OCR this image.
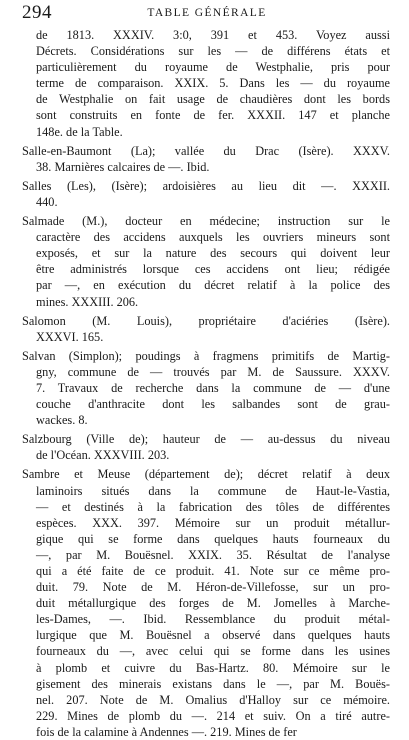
294	TABLE GÉNÉRALE
de 1813. XXXIV. 3:0, 391 et 453. Voyez aussi
Décrets. Considérations sur les — de différens états et
particulièrement du royaume de Westphalie, pris pour
terme de comparaison. XXIX. 5. Dans les — du royaume
de Westphalie on fait usage de chaudières dont les bords
sont construits en fonte de fer. XXXII. 147 et planche
148e. de la Table.
Salle-en-Baumont (La); vallée du Drac (Isère). XXXV.
38. Marnières calcaires de —. Ibid.
Salles (Les), (Isère); ardoisières au lieu dit —. XXXII.
440.
Salmade (M.), docteur en médecine; instruction sur le
caractère des accidens auxquels les ouvriers mineurs sont
exposés, et sur la nature des secours qui doivent leur
être administrés lorsque ces accidens ont lieu; rédigée
par —, en exécution du décret relatif à la police des
mines. XXXIII. 206.
Salomon (M. Louis), propriétaire d'aciéries (Isère).
XXXVI. 165.
Salvan (Simplon); poudings à fragmens primitifs de Martig-
gny, commune de — trouvés par M. de Saussure. XXXV.
7. Travaux de recherche dans la commune de — d'une
couche d'anthracite dont les salbandes sont de grau-
wackes. 8.
Salzbourg (Ville de); hauteur de — au-dessus du niveau
de l'Océan. XXXVIII. 203.
Sambre et Meuse (département de); décret relatif à deux
laminoirs situés dans la commune de Haut-le-Vastia,
— et destinés à la fabrication des tôles de différentes
espèces. XXX. 397. Mémoire sur un produit métallur-
gique qui se forme dans quelques hauts fourneaux du
—, par M. Bouësnel. XXIX. 35. Résultat de l'analyse
qui a été faite de ce produit. 41. Note sur ce même pro-
duit. 79. Note de M. Héron-de-Villefosse, sur un pro-
duit métallurgique des forges de M. Jomelles à Marche-
les-Dames, —. Ibid. Ressemblance du produit métal-
lurgique que M. Bouësnel a observé dans quelques hauts
fourneaux du —, avec celui qui se forme dans les usines
à plomb et cuivre du Bas-Hartz. 80. Mémoire sur le
gisement des minerais existans dans le —, par M. Bouës-
nel. 207. Note de M. Omalius d'Halloy sur ce mémoire.
229. Mines de plomb du —. 214 et suiv. On a tiré autre-
fois de la calamine à Andennes —. 219. Mines de fer
